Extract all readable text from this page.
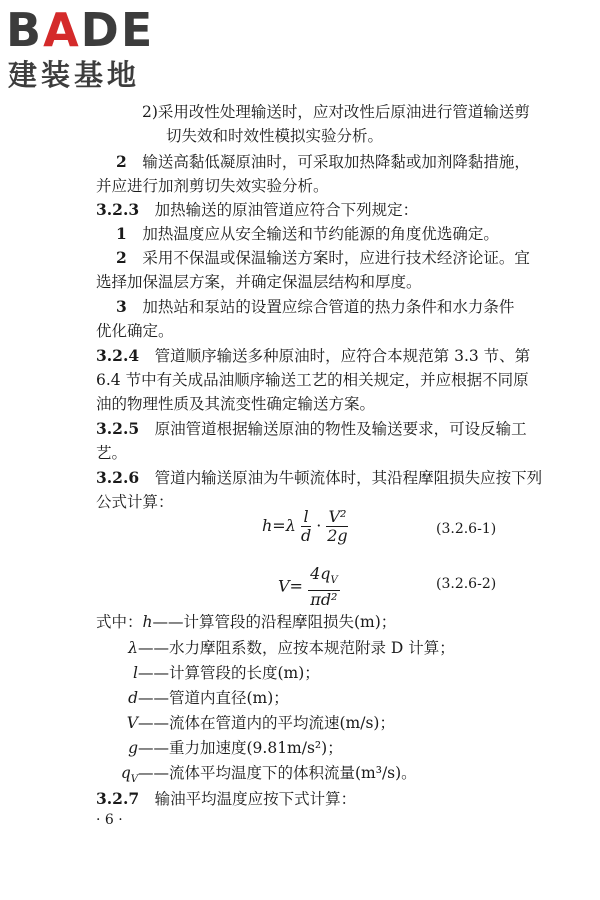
BADE
建装基地
2)采用改性处理输送时，应对改性后原油进行管道输送剪
切失效和时效性模拟实验分析。
2　 输送高黏低凝原油时，可采取加热降黏或加剂降黏措施，
并应进行加剂剪切失效实验分析。
3.2.3　 加热输送的原油管道应符合下列规定：
1　 加热温度应从安全输送和节约能源的角度优选确定。
2　 采用不保温或保温输送方案时，应进行技术经济论证。宜
选择加保温层方案，并确定保温层结构和厚度。
3　 加热站和泵站的设置应综合管道的热力条件和水力条件
优化确定。
3.2.4　 管道顺序输送多种原油时，应符合本规范第 3.3 节、第
6.4 节中有关成品油顺序输送工艺的相关规定，并应根据不同原
油的物理性质及其流变性确定输送方案。
3.2.5　 原油管道根据输送原油的物性及输送要求，可设反输工
艺。
3.2.6　 管道内输送原油为牛顿流体时，其沿程摩阻损失应按下列
公式计算：
$h=\lambda \frac{l}{d} \cdot \frac{\text{V²}}{2g}$	(3.2.6-1)
$V= \frac{4q_V}{\text{πd²}}$	(3.2.6-2)
式中：h——计算管段的沿程摩阻损失(m)；
λ——水力摩阻系数，应按本规范附录 D 计算；
l——计算管段的长度(m)；
d——管道内直径(m)；
V——流体在管道内的平均流速(m/s)；
g——重力加速度(9.81m/s²)；
$q_V——$流体平均温度下的体积流量(m³/s)。
3.2.7　 输油平均温度应按下式计算：
· 6 ·
